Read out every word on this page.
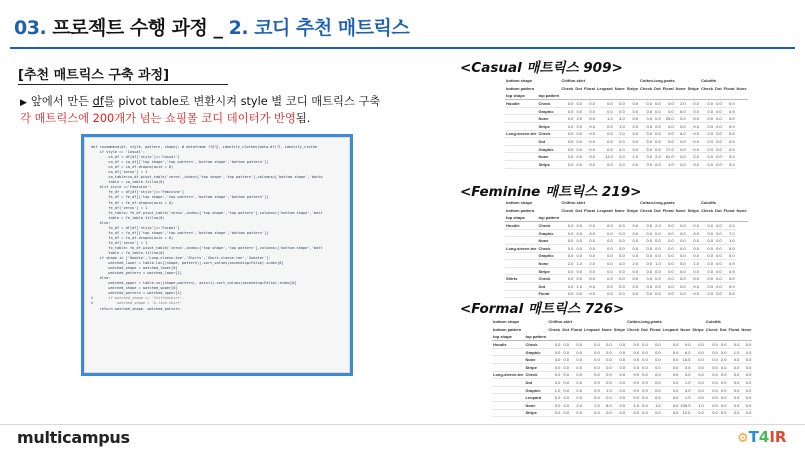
03. 프로젝트 수행 과정 _ 2. 코디 추천 매트릭스
[추천 매트릭스 구축 과정]
▶ 앞에서 만든 df를 pivot table로 변환시켜 style 별 코디 매트릭스 구축
각 매트릭스에 200개가 넘는 쇼핑몰 코디 데이터가 반영됨.
def recommend(df, style, pattern, shape): # dataframe 스타일, identify_clothes(data.df)지, identify_clothe
if style == 'Casual':
ca_df = df[df['style']=='Casual']
ca_df = ca_df[['top shape','top pattern','bottom shape','bottom pattern']]
ca_df = ca_df.dropna(axis = 0)
ca_df['zeros'] = 1
ca_table=ca_df.pivot_table('zeros',index=['top shape','top pattern'],columns=['bottom shape','botto
table = ca_table.fillna(0)
elif style =='Feminine':
fe_df = df[df['style']=='Feminine']
fe_df = fe_df[['top shape','top pattern','bottom shape','bottom pattern']]
fe_df = fe_df.dropna(axis = 0)
fe_df['zeros'] = 1
fe_table= fe_df.pivot_table('zeros',index=['top shape','top pattern'],columns=['bottom shape','bott
table = fe_table.fillna(0)
else:
fo_df = df[df['style']=='Formal']
fo_df = fo_df[['top shape','top pattern','bottom shape','bottom pattern']]
fo_df = fo_df.dropna(axis = 0)
fo_df['zeros'] = 1
fo_table= fo_df.pivot_table('zeros',index=['top shape','top pattern'],columns=['bottom shape','bott
table = fo_table.fillna(0)
if shape in ['Hoodie','Long-sleeve-tee','Shirts','Short-sleeve-tee','Sweater']:
watched_lower = table.loc[(shape, pattern)].sort_values(ascending=False).index[0]
watched_shape = watched_lower[0]
watched_pattern = watched_lower[1]
else:
watched_upper = table.xs((shape,pattern), axis=1).sort_values(ascending=False).index[0]
watched_shape = watched_upper[0]
watched_pattern = watched_upper[1]
#       if watched_shape == 'Chiffonskirt':
#           watched_shape = 'A-line-skirt'
return watched_shape, watched_pattern
<Casual 매트릭스 909>
bottom shape		Chiffon-skirt						Cotton-long-pants					Culottfs			
bottom pattern		Check	Dot	Floral	Leopard	None	Stripe	Check	Dot	Floral	None	Stripe	Check	Dot	Floral	None
top shape	top pattern															
Hoodie	Check	0.0	0.0	0.0	0.0	0.0	0.0	0.0	0.0	0.0	2.0	0.0	0.0	0.0	0.0	
	Graphic	0.0	0.0	0.0	0.0	0.0	0.0	0.0	0.0	0.0	6.0	0.0	0.0	0.0	0.0	
	None	0.0	2.0	0.0	1.0	4.0	0.0	0.0	0.0	25.0	0.0	0.0	0.0	0.0	0.0	
	Stripe	0.0	0.0	0.0	0.0	1.0	0.0	0.0	0.0	0.0	0.0	0.0	0.0	0.0	0.0	
Long-sleeve-tee	Check	0.0	0.0	0.0	0.0	1.0	0.0	0.0	0.0	0.0	6.0	0.0	0.0	0.0	0.0	
	Dot	0.0	0.0	0.0	0.0	0.0	0.0	0.0	0.0	0.0	0.0	0.0	0.0	0.0	0.0	
	Graphic	0.0	0.0	0.0	0.0	4.0	0.0	0.0	0.0	17.0	0.0	0.0	0.0	0.0	0.0	
	None	2.0	0.0	0.0	11.0	2.0	1.0	0.0	2.0	61.0	0.0	2.0	0.0	0.0	0.0	
	Stripe	0.0	0.0	0.0	0.0	2.0	0.0	0.0	0.0	1.0	0.0	0.0	0.0	0.0	0.0	
<Feminine 매트릭스 219>
bottom shape		Chiffon-skirt						Cotton-long-pants					Culottfs			
bottom pattern		Check	Dot	Floral	Leopard	None	Stripe	Check	Dot	Floral	None	Stripe	Check	Dot	Floral	None
top shape	top pattern															
Hoodie	Check	0.0	0.0	0.0	0.0	0.0	0.0	0.0	2.0	0.0	0.0	0.0	0.0	0.0	2.0	
	Graphic	0.0	0.0	0.0	0.0	0.0	0.0	0.0	0.0	0.0	0.0	0.0	0.0	0.0	7.0	
	None	0.0	0.0	0.0	0.0	0.0	0.0	0.0	0.0	0.0	0.0	0.0	0.0	0.0	1.0	
Long-sleeve-tee	Check	0.0	0.0	0.0	0.0	0.0	0.0	0.0	0.0	0.0	0.0	0.0	0.0	0.0	0.0	
	Graphic	0.0	0.0	0.0	0.0	0.0	0.0	0.0	0.0	0.0	0.0	0.0	0.0	0.0	0.0	
	None	2.0	1.0	2.0	0.0	4.0	2.0	0.0	1.0	0.0	5.0	1.0	0.0	0.0	0.0	
	Stripe	0.0	0.0	0.0	0.0	0.0	0.0	0.0	0.0	0.0	0.0	0.0	0.0	0.0	0.0	
Shirts	Check	0.0	0.0	0.0	0.0	0.0	0.0	0.0	0.0	0.0	0.0	0.0	0.0	0.0	0.0	
	Dot	0.0	1.0	0.0	0.0	0.0	0.0	0.0	0.0	0.0	0.0	0.0	0.0	0.0	0.0	
	Floral	0.0	0.0	0.0	0.0	0.0	0.0	0.0	0.0	0.0	0.0	0.0	0.0	0.0	0.0	
<Formal 매트릭스 726>
bottom shape		Chiffon-skirt						Cotton-long-pants						Culottfs			
bottom pattern		Check	Dot	Floral	Leopard	None	Stripe	Check	Dot	Floral	Leopard	None	Stripe	Check	Dot	Floral	None
top shape	top pattern																
Hoodie	Check	0.0	0.0	0.0	0.0	0.0	0.0	0.0	0.0	0.0	0.0	9.0	0.0	0.0	0.0	0.0	0.0
	Graphic	0.0	0.0	0.0	0.0	0.0	0.0	0.0	0.0	0.0	0.0	6.0	0.0	0.0	0.0	1.0	0.0
	None	4.0	0.0	0.0	0.0	0.0	0.0	0.0	0.0	0.0	0.0	15.0	0.0	0.0	2.0	0.0	0.0
	Stripe	0.0	0.0	0.0	0.0	0.0	0.0	0.0	0.0	0.0	0.0	0.0	0.0	0.0	0.0	0.0	0.0
Long-sleeve-tee	Check	0.0	0.0	0.0	0.0	0.0	0.0	0.0	0.0	0.0	0.0	4.0	0.0	0.0	0.0	0.0	0.0
	Dot	0.0	0.0	0.0	0.0	0.0	0.0	0.0	0.0	0.0	0.0	1.0	0.0	0.0	0.0	0.0	0.0
	Graphic	1.0	0.0	0.0	0.0	1.0	0.0	0.0	0.0	0.0	0.0	3.0	0.0	0.0	0.0	0.0	0.0
	Leopard	0.0	0.0	0.0	0.0	0.0	0.0	0.0	0.0	0.0	0.0	1.0	0.0	0.0	0.0	0.0	0.0
	None	3.0	0.0	2.0	1.0	8.0	0.0	1.0	0.0	1.0	0.0	106.0	1.0	0.0	0.0	0.0	0.0
	Stripe	0.0	0.0	0.0	0.0	0.0	0.0	0.0	0.0	0.0	0.0	12.0	0.0	0.0	0.0	0.0	0.0
multicampus	⚙T4IR
